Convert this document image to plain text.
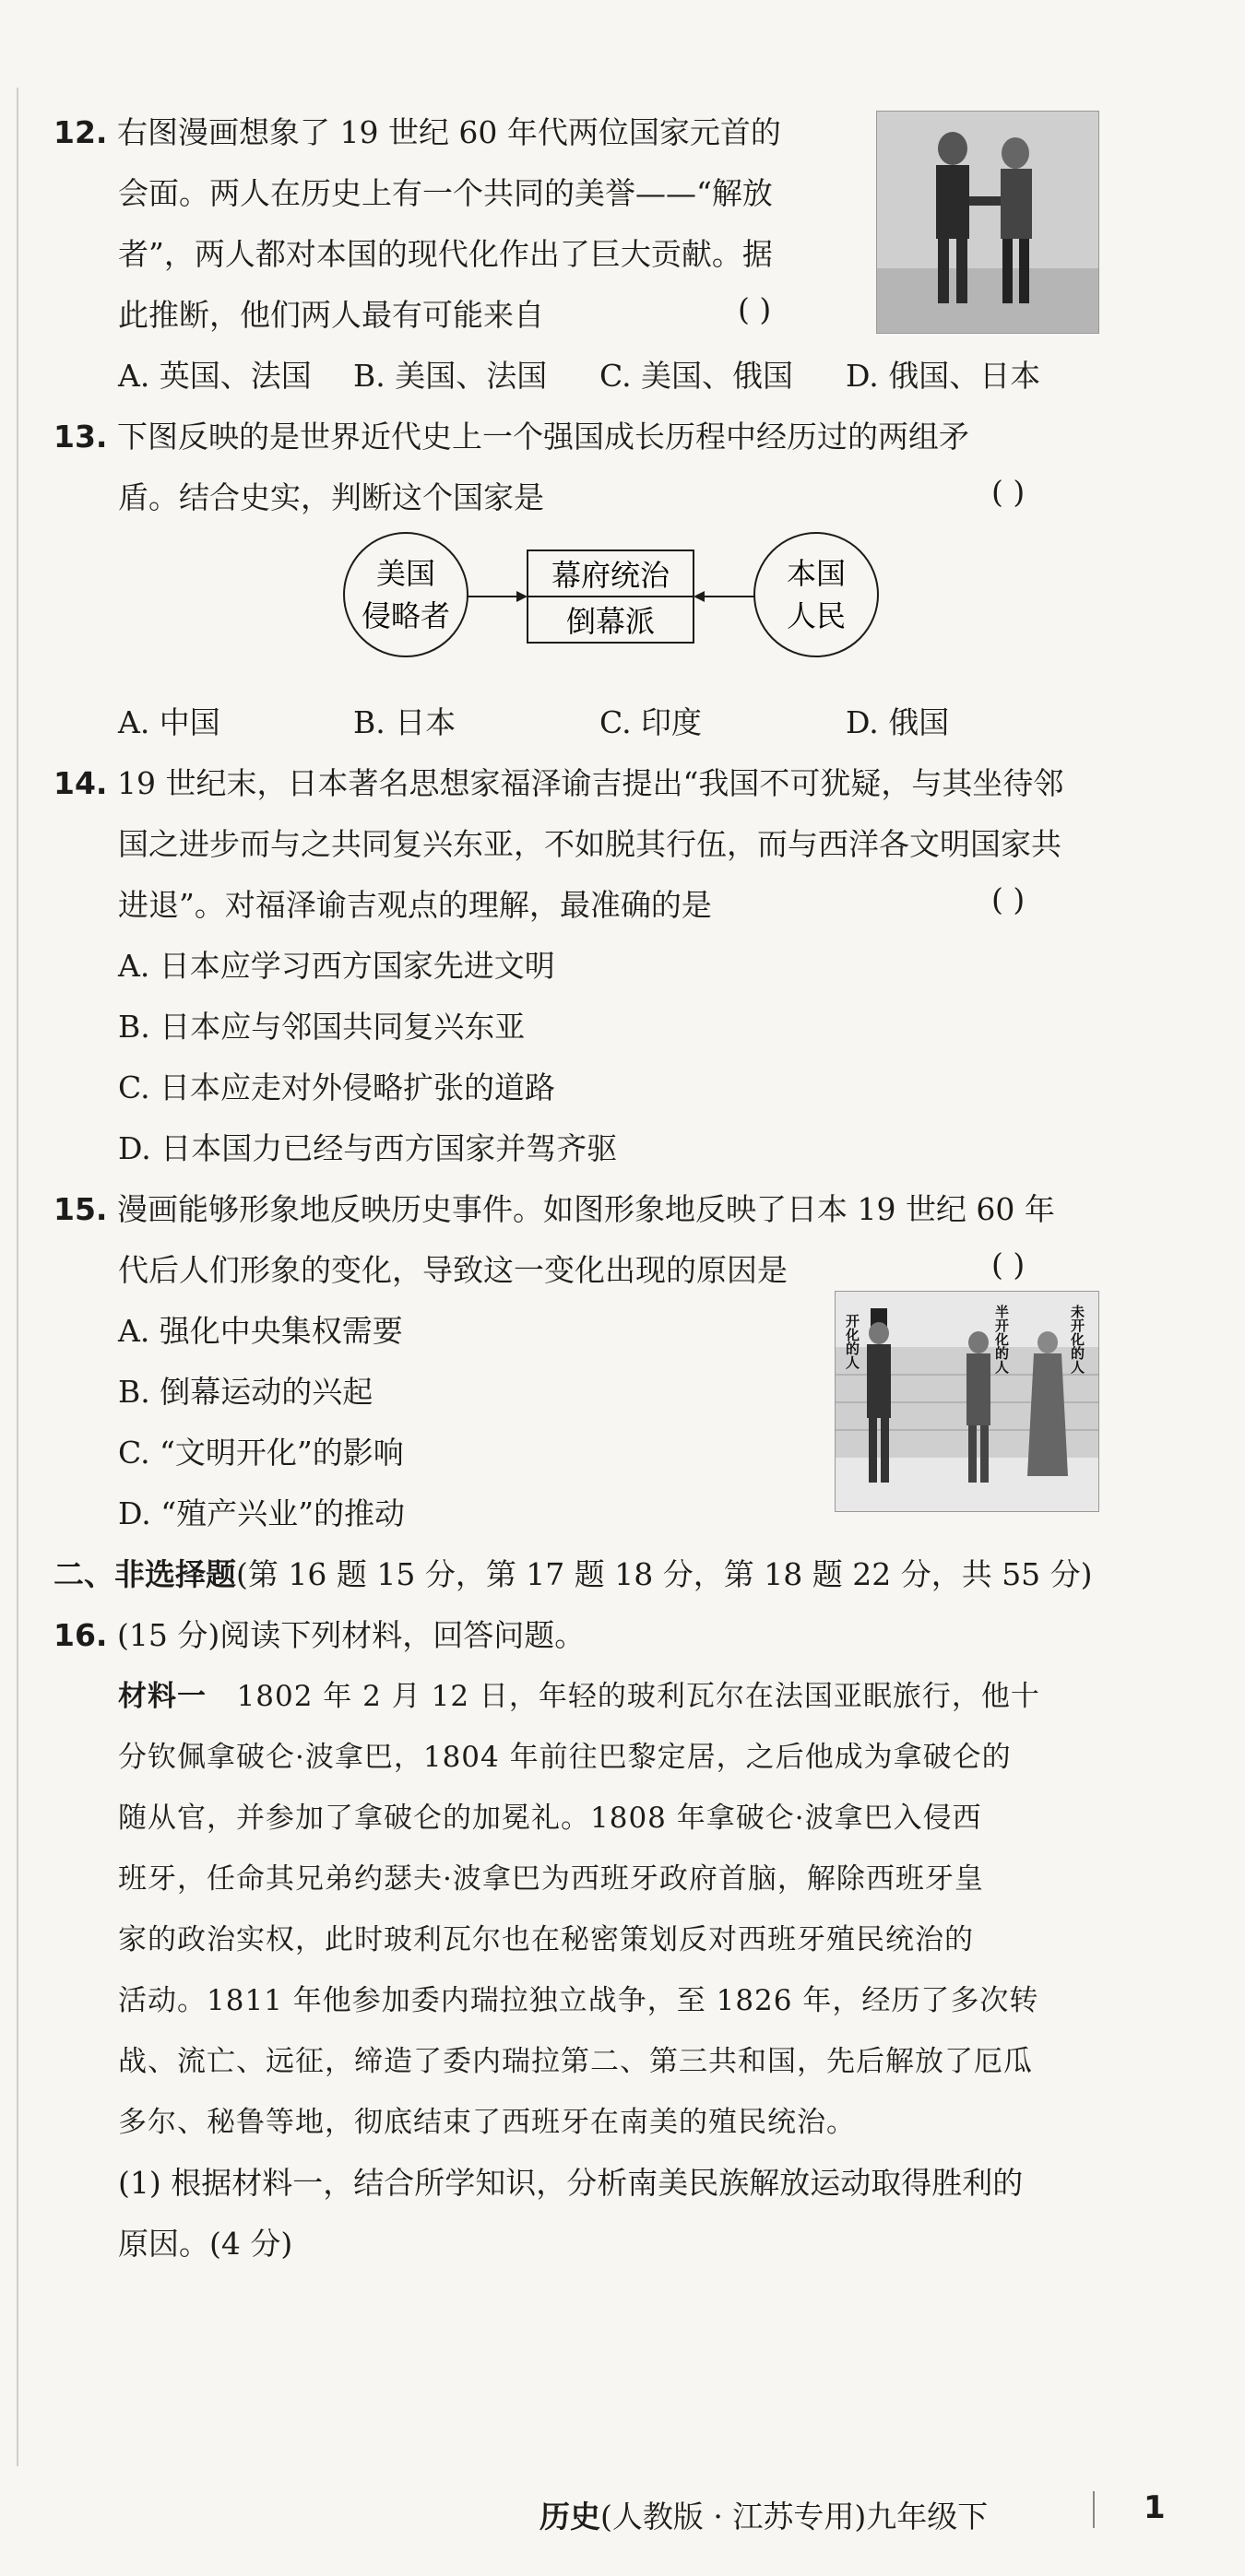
12. 右图漫画想象了 19 世纪 60 年代两位国家元首的
会面。两人在历史上有一个共同的美誉——“解放
者”，两人都对本国的现代化作出了巨大贡献。据
此推断，他们两人最有可能来自	( )
A. 英国、法国 B. 美国、法国 C. 美国、俄国 D. 俄国、日本
13. 下图反映的是世界近代史上一个强国成长历程中经历过的两组矛
盾。结合史实，判断这个国家是	( )
美国
侵略者
幕府统治
倒幕派
本国
人民
A. 中国	B. 日本	C. 印度	D. 俄国
14. 19 世纪末，日本著名思想家福泽谕吉提出“我国不可犹疑，与其坐待邻
国之进步而与之共同复兴东亚，不如脱其行伍，而与西洋各文明国家共
进退”。对福泽谕吉观点的理解，最准确的是	( )
A. 日本应学习西方国家先进文明
B. 日本应与邻国共同复兴东亚
C. 日本应走对外侵略扩张的道路
D. 日本国力已经与西方国家并驾齐驱
15. 漫画能够形象地反映历史事件。如图形象地反映了日本 19 世纪 60 年
代后人们形象的变化，导致这一变化出现的原因是	( )
A. 强化中央集权需要
B. 倒幕运动的兴起
C. “文明开化”的影响
D. “殖产兴业”的推动
开化的人	半开化的人	未开化的人
二、非选择题(第 16 题 15 分，第 17 题 18 分，第 18 题 22 分，共 55 分)
16. (15 分)阅读下列材料，回答问题。
材料一 1802 年 2 月 12 日，年轻的玻利瓦尔在法国亚眠旅行，他十
分钦佩拿破仑·波拿巴，1804 年前往巴黎定居，之后他成为拿破仑的
随从官，并参加了拿破仑的加冕礼。1808 年拿破仑·波拿巴入侵西
班牙，任命其兄弟约瑟夫·波拿巴为西班牙政府首脑，解除西班牙皇
家的政治实权，此时玻利瓦尔也在秘密策划反对西班牙殖民统治的
活动。1811 年他参加委内瑞拉独立战争，至 1826 年，经历了多次转
战、流亡、远征，缔造了委内瑞拉第二、第三共和国，先后解放了厄瓜
多尔、秘鲁等地，彻底结束了西班牙在南美的殖民统治。
(1) 根据材料一，结合所学知识，分析南美民族解放运动取得胜利的
原因。(4 分)
历史(人教版 · 江苏专用)九年级下	1
